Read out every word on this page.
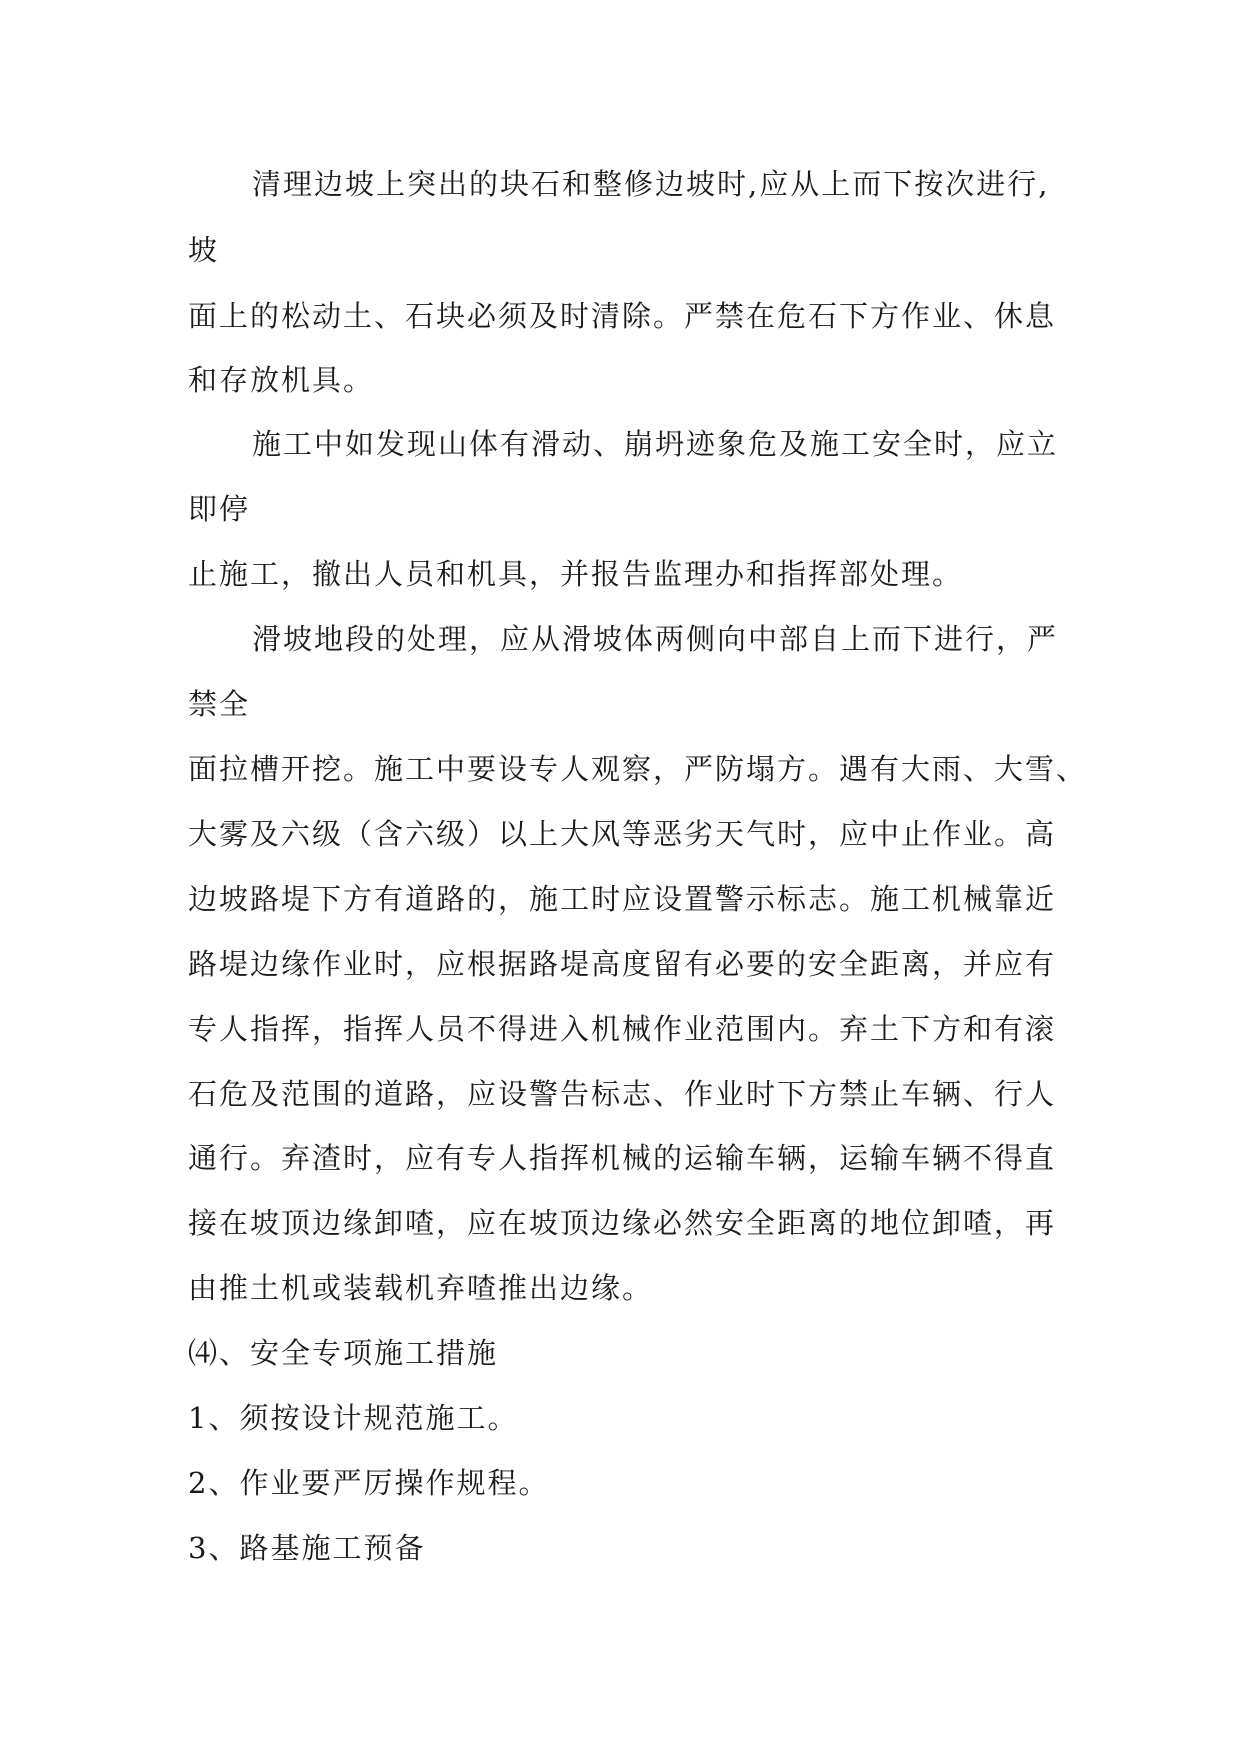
清理边坡上突出的块石和整修边坡时,应从上而下按次进行,
坡
面上的松动土、石块必须及时清除。严禁在危石下方作业、休息
和存放机具。
施工中如发现山体有滑动、崩坍迹象危及施工安全时，应立
即停
止施工，撤出人员和机具，并报告监理办和指挥部处理。
滑坡地段的处理，应从滑坡体两侧向中部自上而下进行，严
禁全
面拉槽开挖。施工中要设专人观察，严防塌方。遇有大雨、大雪、
大雾及六级（含六级）以上大风等恶劣天气时，应中止作业。高
边坡路堤下方有道路的，施工时应设置警示标志。施工机械靠近
路堤边缘作业时，应根据路堤高度留有必要的安全距离，并应有
专人指挥，指挥人员不得进入机械作业范围内。弃土下方和有滚
石危及范围的道路，应设警告标志、作业时下方禁止车辆、行人
通行。弃渣时，应有专人指挥机械的运输车辆，运输车辆不得直
接在坡顶边缘卸喳，应在坡顶边缘必然安全距离的地位卸喳，再
由推土机或装载机弃喳推出边缘。
⑷、安全专项施工措施
1、须按设计规范施工。
2、作业要严厉操作规程。
3、路基施工预备
